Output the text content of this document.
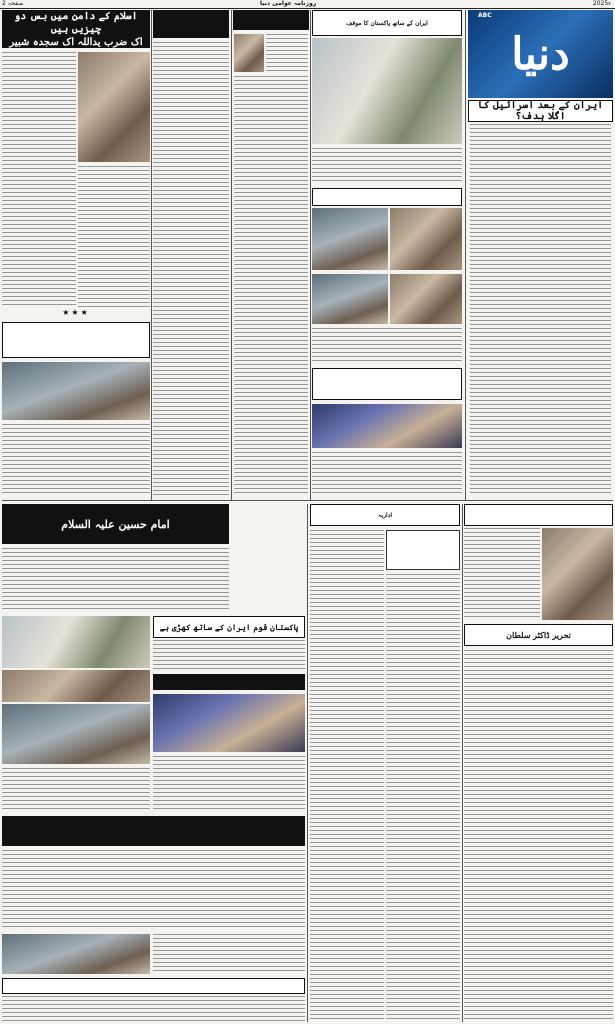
صفحہ 2	روزنامہ عوامی دنیا	2025ء
دنیا
ABC
ایران کے بعد اسرائیل کا اگلا ہدف؟
ایران کے ساتھ پاکستان کا موقف
اسلام کے دامن میں بس دو چیزیں ہیں
اک ضرب یداللہ اک سجدہ شبیر
★★★
امام حسین علیہ السلام
پاکستان قوم ایران کے ساتھ کھڑی ہے
اداریہ
تحریر ڈاکٹر سلطان
